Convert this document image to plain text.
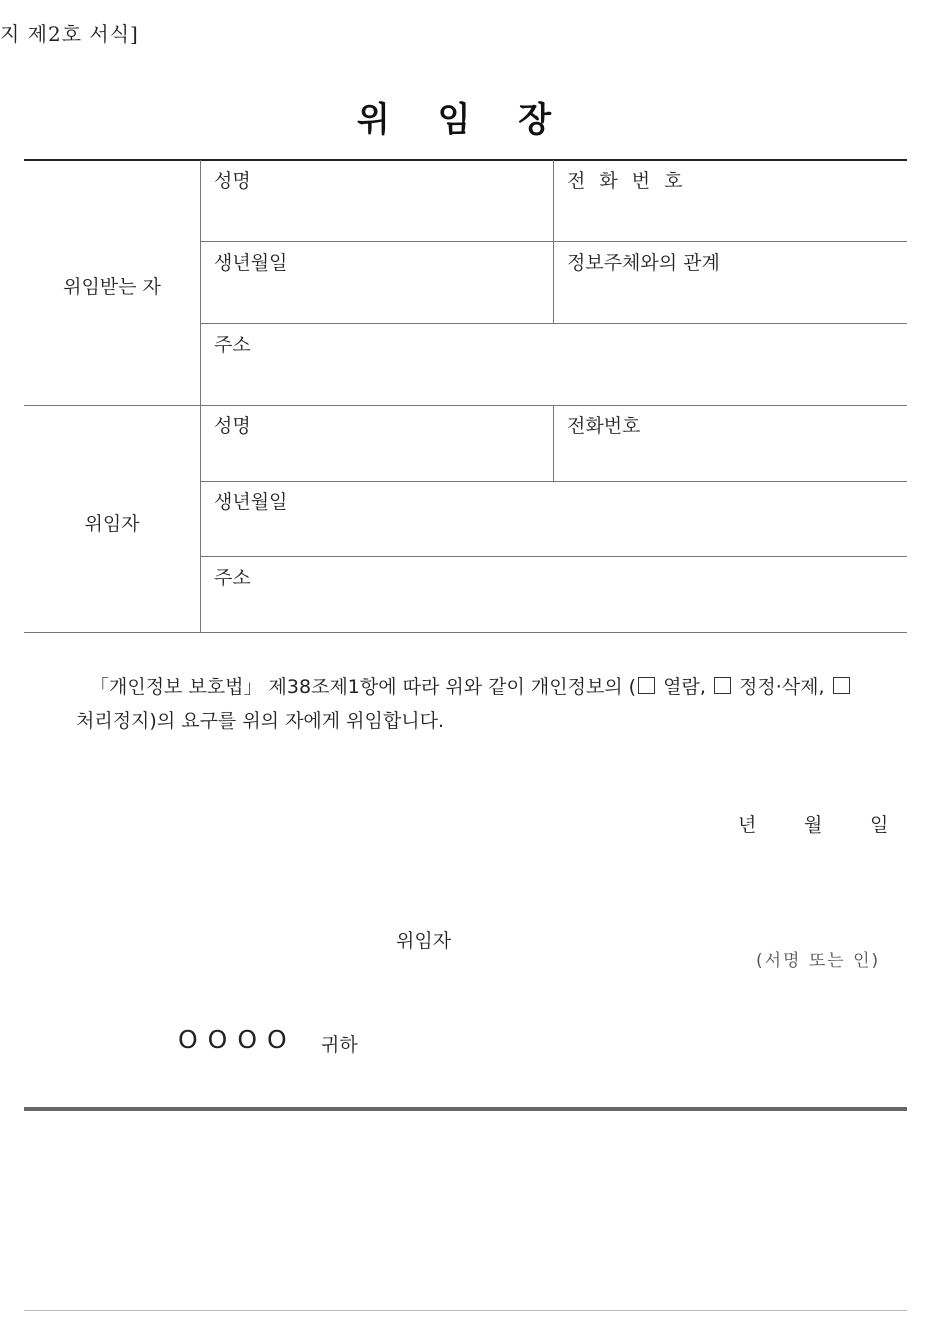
지 제2호 서식]
위 임 장
위임받는 자
성명	전 화 번 호
생년월일	정보주체와의 관계
주소
위임자
성명	전화번호
생년월일
주소
「개인정보 보호법」 제38조제1항에 따라 위와 같이 개인정보의 ( 열람, 정정·삭제,
처리정지)의 요구를 위의 자에게 위임합니다.
년	월	일
위임자
(서명 또는 인)
OOOO 귀하
